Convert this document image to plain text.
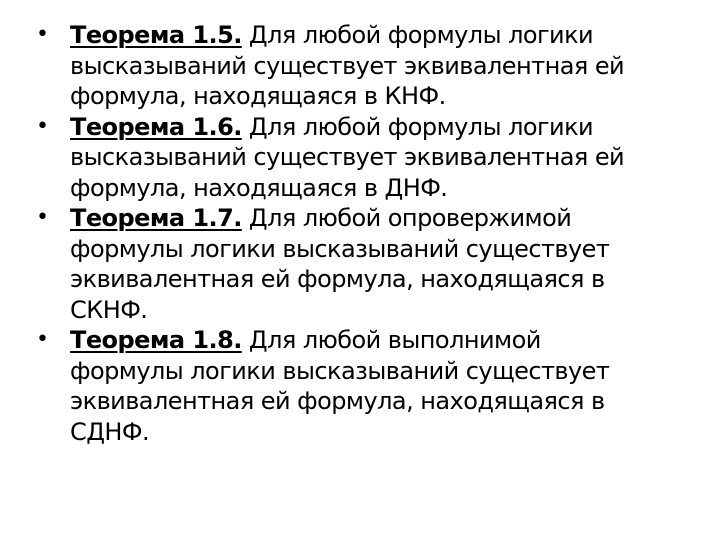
• Теорема 1.5. Для любой формулы логики высказываний существует эквивалентная ей формула, находящаяся в КНФ.
• Теорема 1.6. Для любой формулы логики высказываний существует эквивалентная ей формула, находящаяся в ДНФ.
• Теорема 1.7. Для любой опровержимой формулы логики высказываний существует эквивалентная ей формула, находящаяся в СКНФ.
• Теорема 1.8. Для любой выполнимой формулы логики высказываний существует эквивалентная ей формула, находящаяся в СДНФ.
